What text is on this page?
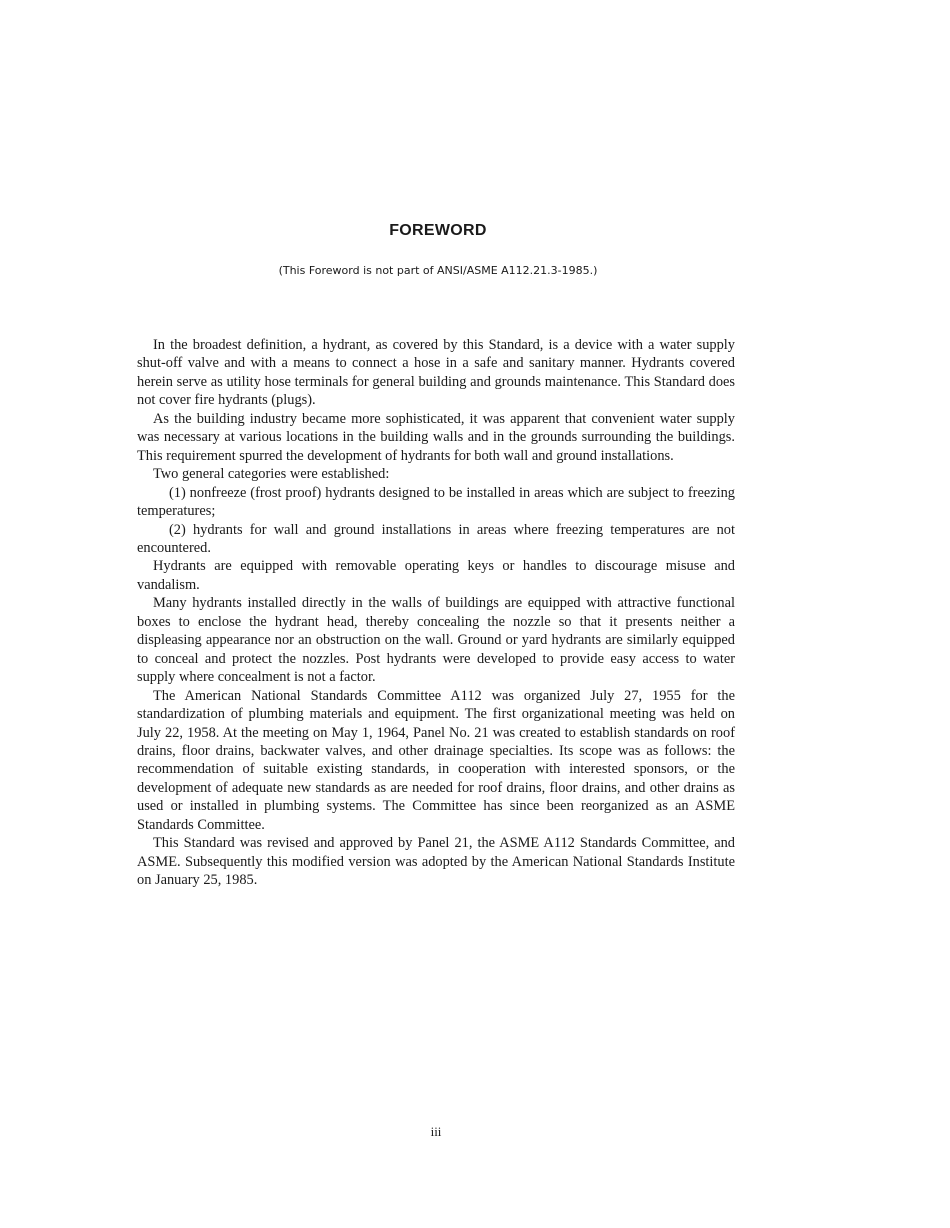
FOREWORD

(This Foreword is not part of ANSI/ASME A112.21.3-1985.)

In the broadest definition, a hydrant, as covered by this Standard, is a device with a water supply shut-off valve and with a means to connect a hose in a safe and sanitary manner. Hydrants covered herein serve as utility hose terminals for general building and grounds maintenance. This Standard does not cover fire hydrants (plugs).

As the building industry became more sophisticated, it was apparent that convenient water supply was necessary at various locations in the building walls and in the grounds surrounding the buildings. This requirement spurred the development of hydrants for both wall and ground installations.

Two general categories were established:

(1) nonfreeze (frost proof) hydrants designed to be installed in areas which are subject to freezing temperatures;

(2) hydrants for wall and ground installations in areas where freezing temperatures are not encountered.

Hydrants are equipped with removable operating keys or handles to discourage misuse and vandalism.

Many hydrants installed directly in the walls of buildings are equipped with attractive functional boxes to enclose the hydrant head, thereby concealing the nozzle so that it presents neither a displeasing appearance nor an obstruction on the wall. Ground or yard hydrants are similarly equipped to conceal and protect the nozzles. Post hydrants were developed to provide easy access to water supply where concealment is not a factor.

The American National Standards Committee A112 was organized July 27, 1955 for the standardization of plumbing materials and equipment. The first organizational meeting was held on July 22, 1958. At the meeting on May 1, 1964, Panel No. 21 was created to establish standards on roof drains, floor drains, backwater valves, and other drainage specialties. Its scope was as follows: the recommendation of suitable existing standards, in cooperation with interested sponsors, or the development of adequate new standards as are needed for roof drains, floor drains, and other drains as used or installed in plumbing systems. The Committee has since been reorganized as an ASME Standards Committee.

This Standard was revised and approved by Panel 21, the ASME A112 Standards Committee, and ASME. Subsequently this modified version was adopted by the American National Standards Institute on January 25, 1985.

iii
